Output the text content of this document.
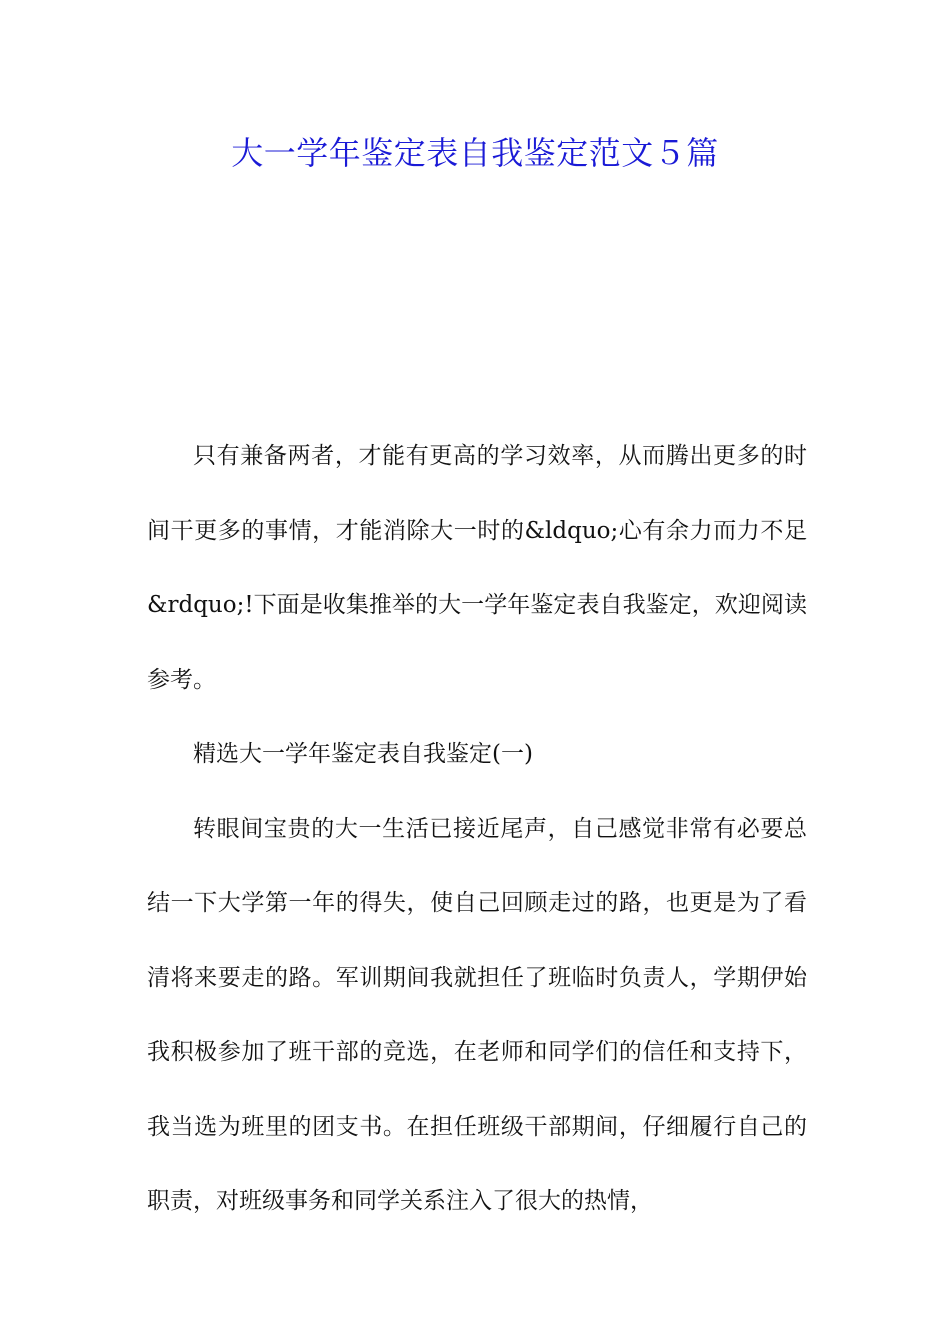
大一学年鉴定表自我鉴定范文５篇

只有兼备两者，才能有更高的学习效率，从而腾出更多的时间干更多的事情，才能消除大一时的&ldquo;心有余力而力不足&rdquo;!下面是收集推举的大一学年鉴定表自我鉴定，欢迎阅读参考。

精选大一学年鉴定表自我鉴定(一)

转眼间宝贵的大一生活已接近尾声，自己感觉非常有必要总结一下大学第一年的得失，使自己回顾走过的路，也更是为了看清将来要走的路。军训期间我就担任了班临时负责人，学期伊始我积极参加了班干部的竞选，在老师和同学们的信任和支持下，我当选为班里的团支书。在担任班级干部期间，仔细履行自己的职责，对班级事务和同学关系注入了很大的热情，
